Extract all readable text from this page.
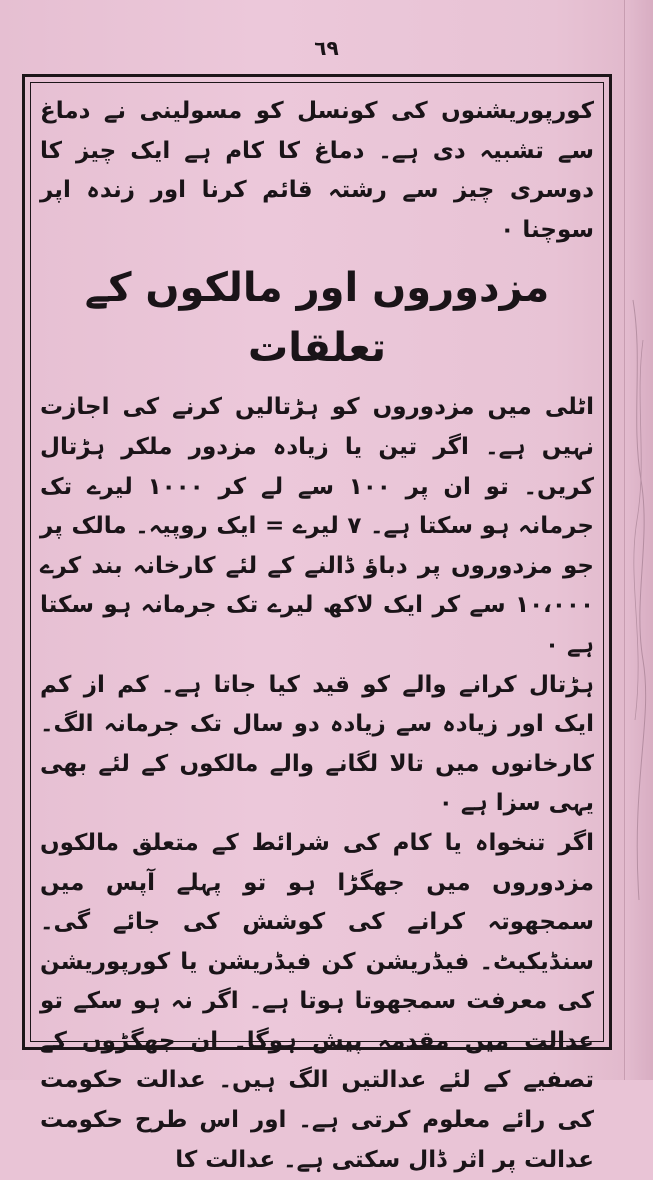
٦٩

کورپوریشنوں کی کونسل کو مسولینی نے دماغ سے تشبیہ دی ہے۔ دماغ کا کام ہے ایک چیز کا دوسری چیز سے رشتہ قائم کرنا اور زندہ اپر سوچنا ۰

مزدوروں اور مالکوں کے تعلقات

اٹلی میں مزدوروں کو ہڑتالیں کرنے کی اجازت نہیں ہے۔ اگر تین یا زیادہ مزدور ملکر ہڑتال کریں۔ تو ان پر ۱۰۰ سے لے کر ۱۰۰۰ لیرے تک جرمانہ ہو سکتا ہے۔ ۷ لیرے = ایک روپیہ۔ مالک پر جو مزدوروں پر دباؤ ڈالنے کے لئے کارخانہ بند کرے ۱۰،۰۰۰ سے کر ایک لاکھ لیرے تک جرمانہ ہو سکتا ہے ۰

ہڑتال کرانے والے کو قید کیا جاتا ہے۔ کم از کم ایک اور زیادہ سے زیادہ دو سال تک جرمانہ الگ۔ کارخانوں میں تالا لگانے والے مالکوں کے لئے بھی یہی سزا ہے ۰

اگر تنخواہ یا کام کی شرائط کے متعلق مالکوں مزدوروں میں جھگڑا ہو تو پہلے آپس میں سمجھوتہ کرانے کی کوشش کی جائے گی۔ سنڈیکیٹ۔ فیڈریشن کن فیڈریشن یا کورپوریشن کی معرفت سمجھوتا ہوتا ہے۔ اگر نہ ہو سکے تو عدالت میں مقدمہ پیش ہوگا۔ ان جھگڑوں کے تصفیے کے لئے عدالتیں الگ ہیں۔ عدالت حکومت کی رائے معلوم کرتی ہے۔ اور اس طرح حکومت عدالت پر اثر ڈال سکتی ہے۔ عدالت کا
